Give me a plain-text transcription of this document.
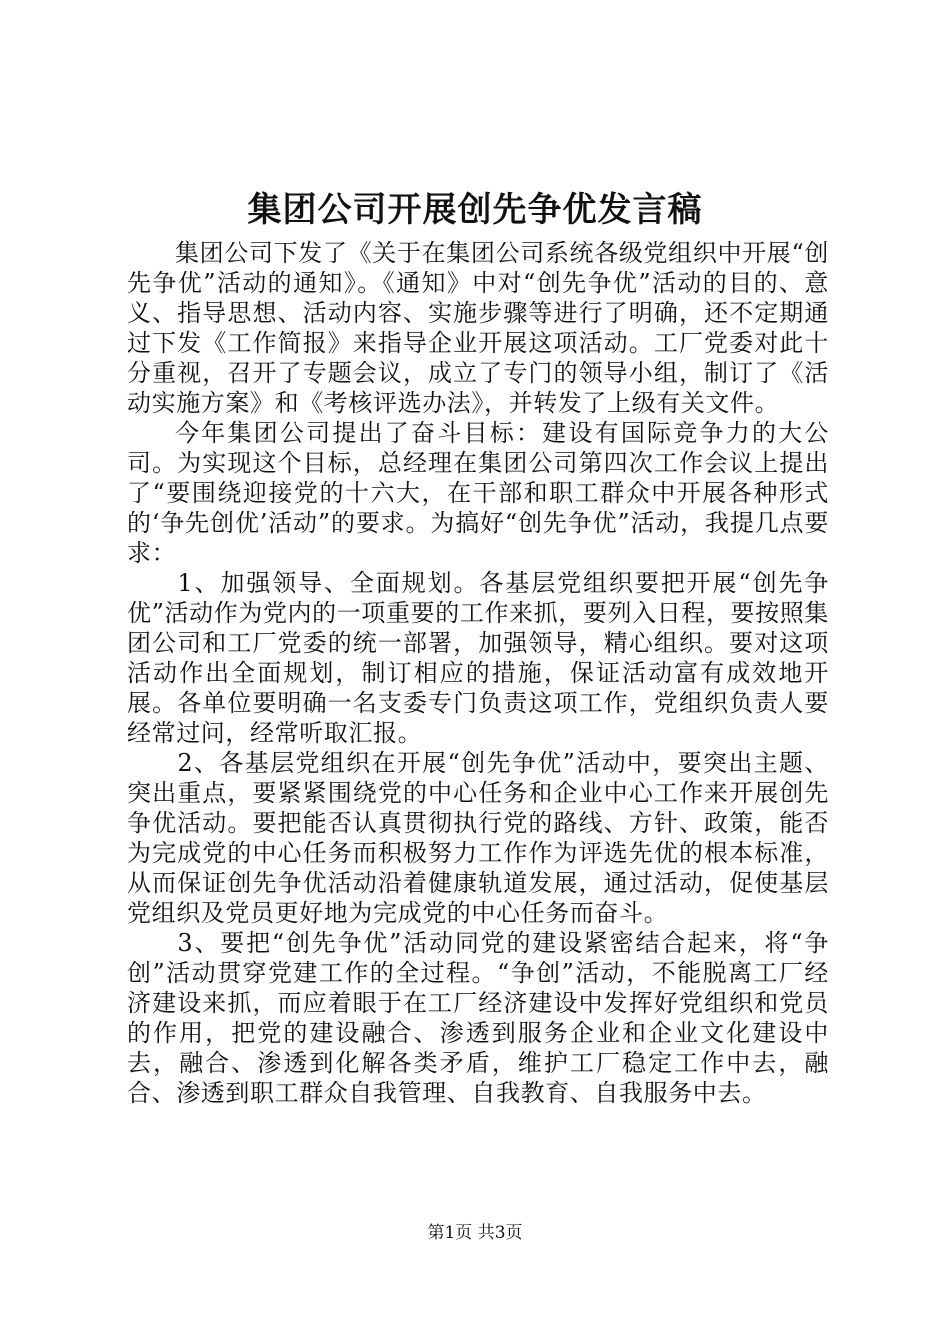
集团公司开展创先争优发言稿

集团公司下发了《关于在集团公司系统各级党组织中开展“创先争优”活动的通知》。《通知》中对“创先争优”活动的目的、意义、指导思想、活动内容、实施步骤等进行了明确，还不定期通过下发《工作简报》来指导企业开展这项活动。工厂党委对此十分重视，召开了专题会议，成立了专门的领导小组，制订了《活动实施方案》和《考核评选办法》，并转发了上级有关文件。

今年集团公司提出了奋斗目标：建设有国际竞争力的大公司。为实现这个目标，总经理在集团公司第四次工作会议上提出了“要围绕迎接党的十六大，在干部和职工群众中开展各种形式的‘争先创优’活动”的要求。为搞好“创先争优”活动，我提几点要求：

1、加强领导、全面规划。各基层党组织要把开展“创先争优”活动作为党内的一项重要的工作来抓，要列入日程，要按照集团公司和工厂党委的统一部署，加强领导，精心组织。要对这项活动作出全面规划，制订相应的措施，保证活动富有成效地开展。各单位要明确一名支委专门负责这项工作，党组织负责人要经常过问，经常听取汇报。

2、各基层党组织在开展“创先争优”活动中，要突出主题、突出重点，要紧紧围绕党的中心任务和企业中心工作来开展创先争优活动。要把能否认真贯彻执行党的路线、方针、政策，能否为完成党的中心任务而积极努力工作作为评选先优的根本标准，从而保证创先争优活动沿着健康轨道发展，通过活动，促使基层党组织及党员更好地为完成党的中心任务而奋斗。

3、要把“创先争优”活动同党的建设紧密结合起来，将“争创”活动贯穿党建工作的全过程。“争创”活动，不能脱离工厂经济建设来抓，而应着眼于在工厂经济建设中发挥好党组织和党员的作用，把党的建设融合、渗透到服务企业和企业文化建设中去，融合、渗透到化解各类矛盾，维护工厂稳定工作中去，融合、渗透到职工群众自我管理、自我教育、自我服务中去。

第1页 共3页
